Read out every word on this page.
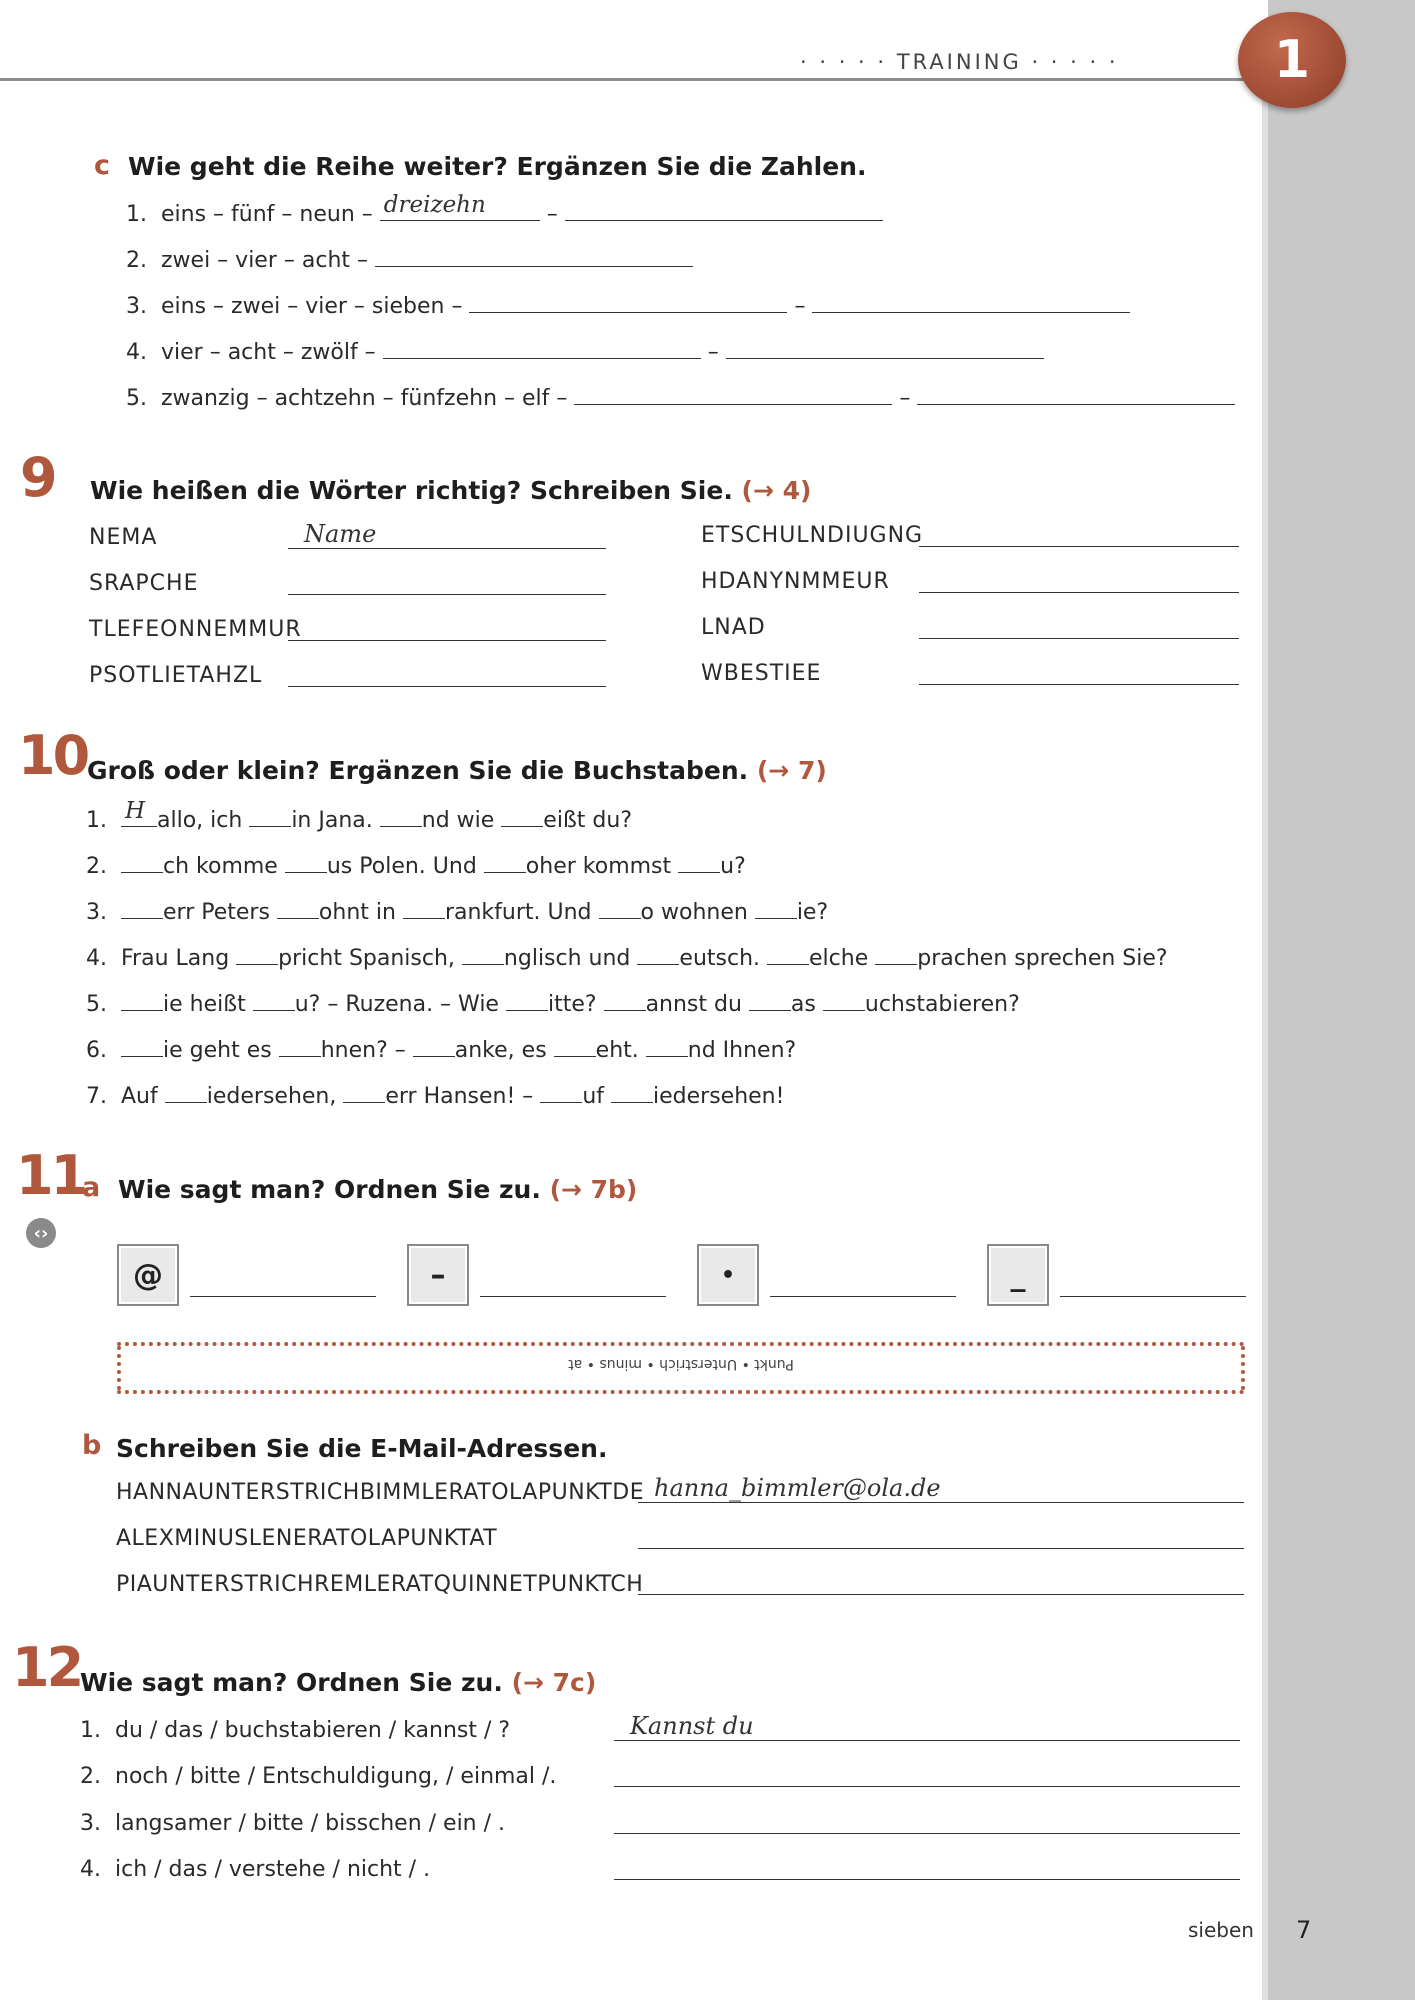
· · · · · TRAINING · · · · ·	1
c Wie geht die Reihe weiter? Ergänzen Sie die Zahlen.
1. eins – fünf – neun – dreizehn	–
2. zwei – vier – acht –
3. eins – zwei – vier – sieben –	–
4. vier – acht – zwölf –	–
5. zwanzig – achtzehn – fünfzehn – elf –	–
9 Wie heißen die Wörter richtig? Schreiben Sie. (→ 4)
NEMA	Name
SRAPCHE
TLEFEONNEMMUR
PSOTLIETAHZL
ETSCHULNDIUGNG
HDANYNMMEUR
LNAD
WBESTIEE
10 Groß oder klein? Ergänzen Sie die Buchstaben. (→ 7)
1. H allo, ich in Jana. nd wie eißt du?
2.	ch komme us Polen. Und oher kommst u?
3.	err Peters ohnt in rankfurt. Und o wohnen ie?
4. Frau Lang pricht Spanisch, nglisch und eutsch. elche prachen sprechen Sie?
5.	ie heißt u? – Ruzena. – Wie itte? annst du as uchstabieren?
6.	ie geht es hnen? – anke, es eht. nd Ihnen?
7. Auf iedersehen, err Hansen! – uf iedersehen!
11
‹›
a Wie sagt man? Ordnen Sie zu. (→ 7b)
@	–	•	_
Punkt • Unterstrich • minus • at
b Schreiben Sie die E-Mail-Adressen.
HANNAUNTERSTRICHBIMMLERATOLAPUNKTDE hanna_bimmler@ola.de
ALEXMINUSLENERATOLAPUNKTAT
PIAUNTERSTRICHREMLERATQUINNETPUNKTCH
12
Wie sagt man? Ordnen Sie zu. (→ 7c)
1. du / das / buchstabieren / kannst / ?	Kannst du
2. noch / bitte / Entschuldigung, / einmal /.
3. langsamer / bitte / bisschen / ein / .
4. ich / das / verstehe / nicht / .
sieben 7
